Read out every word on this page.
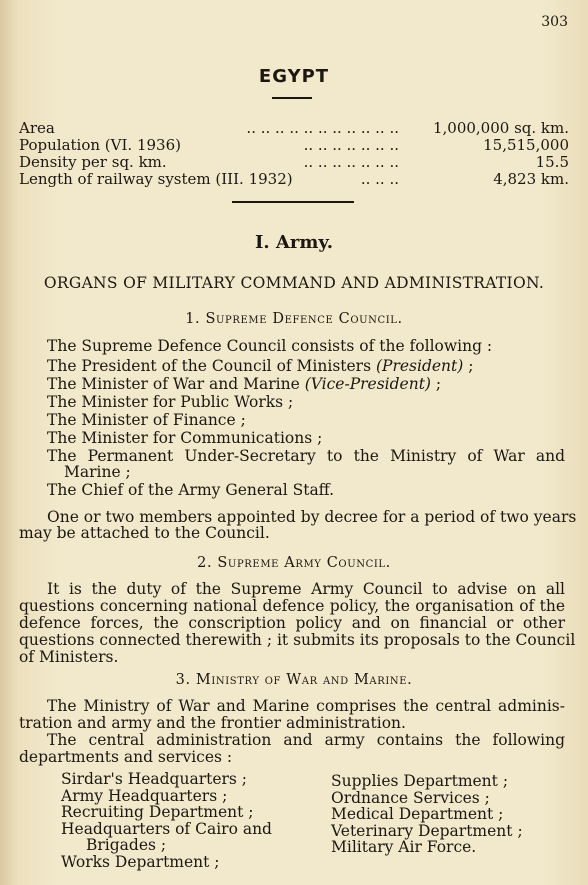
303
EGYPT
Area	.. .. .. .. .. .. .. .. .. .. ..	1,000,000 sq. km.
Population (VI. 1936)	.. .. .. .. .. .. ..	15,515,000
Density per sq. km.	.. .. .. .. .. .. ..	15.5
Length of railway system (III. 1932)	.. .. ..	4,823 km.
I. Army.
ORGANS OF MILITARY COMMAND AND ADMINISTRATION.
1. Supreme Defence Council.
The Supreme Defence Council consists of the following :
The President of the Council of Ministers (President) ;
The Minister of War and Marine (Vice-President) ;
The Minister for Public Works ;
The Minister of Finance ;
The Minister for Communications ;
The Permanent Under-Secretary to the Ministry of War and
Marine ;
The Chief of the Army General Staff.
One or two members appointed by decree for a period of two years
may be attached to the Council.
2. Supreme Army Council.
It is the duty of the Supreme Army Council to advise on all
questions concerning national defence policy, the organisation of the
defence forces, the conscription policy and on financial or other
questions connected therewith ; it submits its proposals to the Council
of Ministers.
3. Ministry of War and Marine.
The Ministry of War and Marine comprises the central adminis-
tration and army and the frontier administration.
The central administration and army contains the following
departments and services :
Sirdar's Headquarters ;
Army Headquarters ;
Recruiting Department ;
Headquarters of Cairo and
Brigades ;
Works Department ;
Supplies Department ;
Ordnance Services ;
Medical Department ;
Veterinary Department ;
Military Air Force.
